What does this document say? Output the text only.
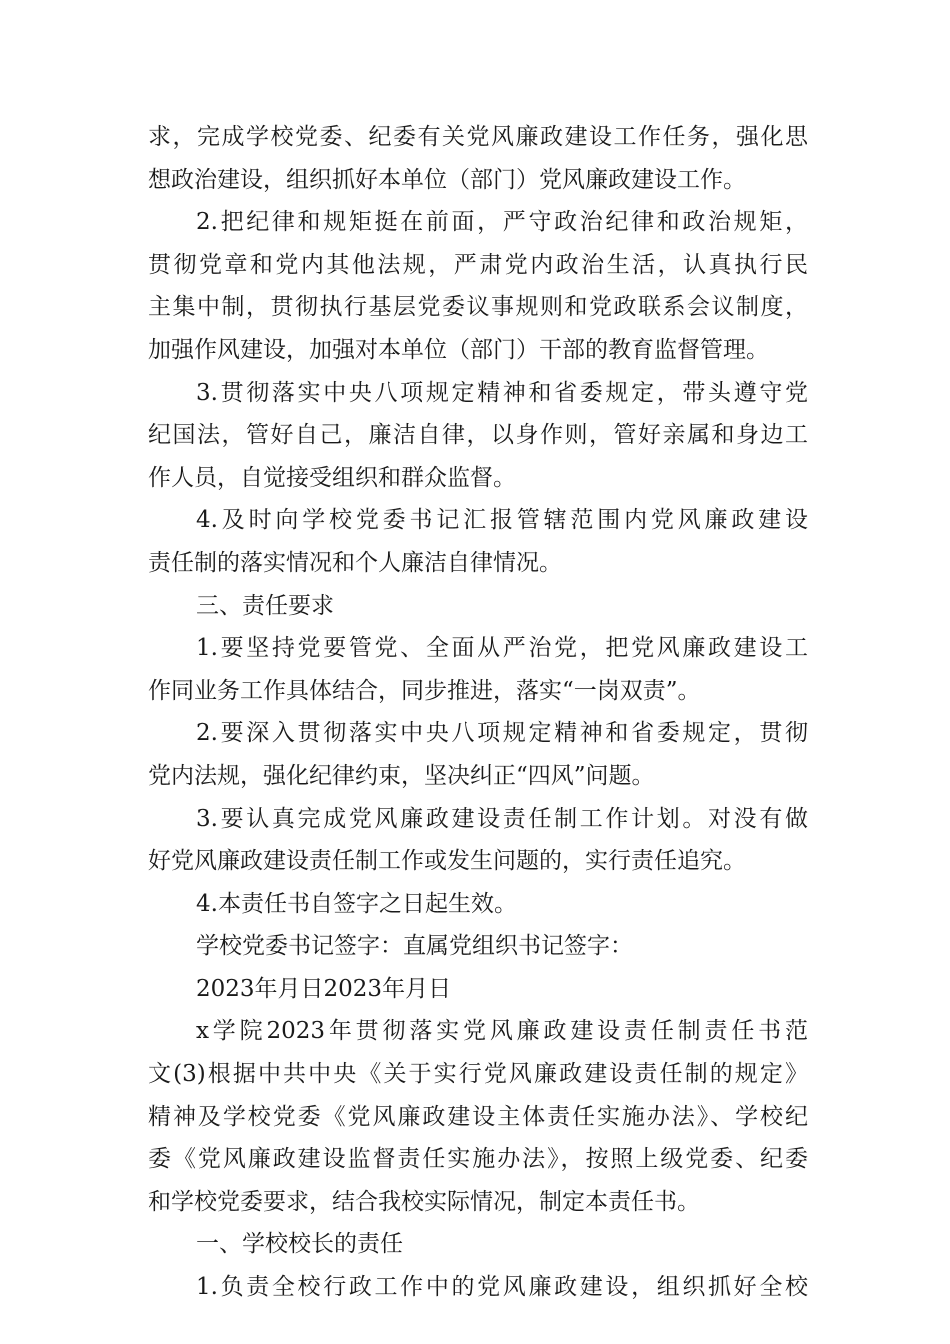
求，完成学校党委、纪委有关党风廉政建设工作任务，强化思
想政治建设，组织抓好本单位（部门）党风廉政建设工作。
2.把纪律和规矩挺在前面，严守政治纪律和政治规矩，
贯彻党章和党内其他法规，严肃党内政治生活，认真执行民
主集中制，贯彻执行基层党委议事规则和党政联系会议制度，
加强作风建设，加强对本单位（部门）干部的教育监督管理。
3.贯彻落实中央八项规定精神和省委规定，带头遵守党
纪国法，管好自己，廉洁自律，以身作则，管好亲属和身边工
作人员，自觉接受组织和群众监督。
4.及时向学校党委书记汇报管辖范围内党风廉政建设
责任制的落实情况和个人廉洁自律情况。
三、责任要求
1.要坚持党要管党、全面从严治党，把党风廉政建设工
作同业务工作具体结合，同步推进，落实“一岗双责”。
2.要深入贯彻落实中央八项规定精神和省委规定，贯彻
党内法规，强化纪律约束，坚决纠正“四风”问题。
3.要认真完成党风廉政建设责任制工作计划。对没有做
好党风廉政建设责任制工作或发生问题的，实行责任追究。
4.本责任书自签字之日起生效。
学校党委书记签字：直属党组织书记签字：
2023年月日2023年月日
x学院2023年贯彻落实党风廉政建设责任制责任书范
文(3)根据中共中央《关于实行党风廉政建设责任制的规定》
精神及学校党委《党风廉政建设主体责任实施办法》、学校纪
委《党风廉政建设监督责任实施办法》，按照上级党委、纪委
和学校党委要求，结合我校实际情况，制定本责任书。
一、学校校长的责任
1.负责全校行政工作中的党风廉政建设，组织抓好全校
